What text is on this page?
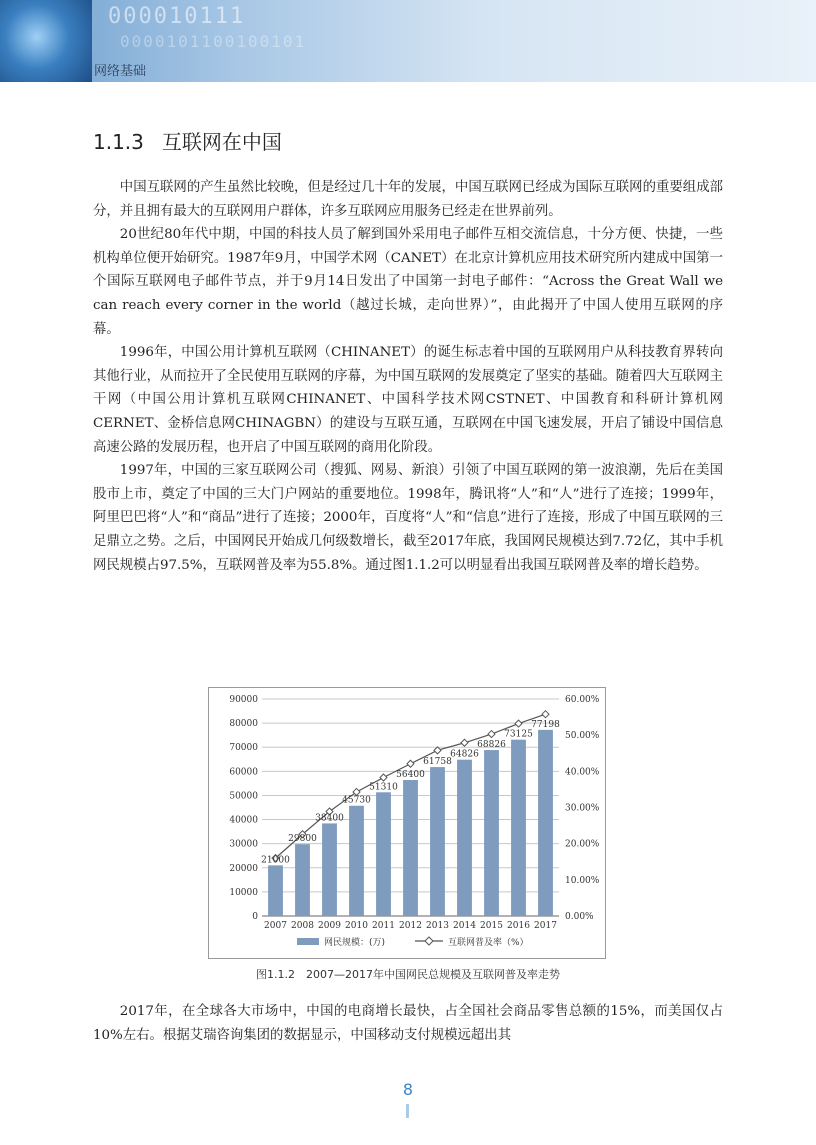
000010111
0000101100100101
网络基础
1.1.3 互联网在中国

中国互联网的产生虽然比较晚，但是经过几十年的发展，中国互联网已经成为国际互联网的重要组成部分，并且拥有最大的互联网用户群体，许多互联网应用服务已经走在世界前列。

20世纪80年代中期，中国的科技人员了解到国外采用电子邮件互相交流信息，十分方便、快捷，一些机构单位便开始研究。1987年9月，中国学术网（CANET）在北京计算机应用技术研究所内建成中国第一个国际互联网电子邮件节点，并于9月14日发出了中国第一封电子邮件：“Across the Great Wall we can reach every corner in the world（越过长城，走向世界）”，由此揭开了中国人使用互联网的序幕。

1996年，中国公用计算机互联网（CHINANET）的诞生标志着中国的互联网用户从科技教育界转向其他行业，从而拉开了全民使用互联网的序幕，为中国互联网的发展奠定了坚实的基础。随着四大互联网主干网（中国公用计算机互联网CHINANET、中国科学技术网CSTNET、中国教育和科研计算机网CERNET、金桥信息网CHINAGBN）的建设与互联互通，互联网在中国飞速发展，开启了铺设中国信息高速公路的发展历程，也开启了中国互联网的商用化阶段。

1997年，中国的三家互联网公司（搜狐、网易、新浪）引领了中国互联网的第一波浪潮，先后在美国股市上市，奠定了中国的三大门户网站的重要地位。1998年，腾讯将“人”和“人”进行了连接；1999年，阿里巴巴将“人”和“商品”进行了连接；2000年，百度将“人”和“信息”进行了连接，形成了中国互联网的三足鼎立之势。之后，中国网民开始成几何级数增长，截至2017年底，我国网民规模达到7.72亿，其中手机网民规模占97.5%，互联网普及率为55.8%。通过图1.1.2可以明显看出我国互联网普及率的增长趋势。

0
10000
20000
30000
40000
50000
60000
70000
80000
90000
0.00%
10.00%
20.00%
30.00%
40.00%
50.00%
60.00%
2007 2008 2009 2010 2011 2012 2013 2014 2015 2016 2017
21000
29800
38400
45730
51310
56400
61758
64826
68826
73125
77198
网民规模：(万)	互联网普及率（%）
图1.1.2　2007—2017年中国网民总规模及互联网普及率走势

2017年，在全球各大市场中，中国的电商增长最快，占全国社会商品零售总额的15%，而美国仅占10%左右。根据艾瑞咨询集团的数据显示，中国移动支付规模远超出其

8
